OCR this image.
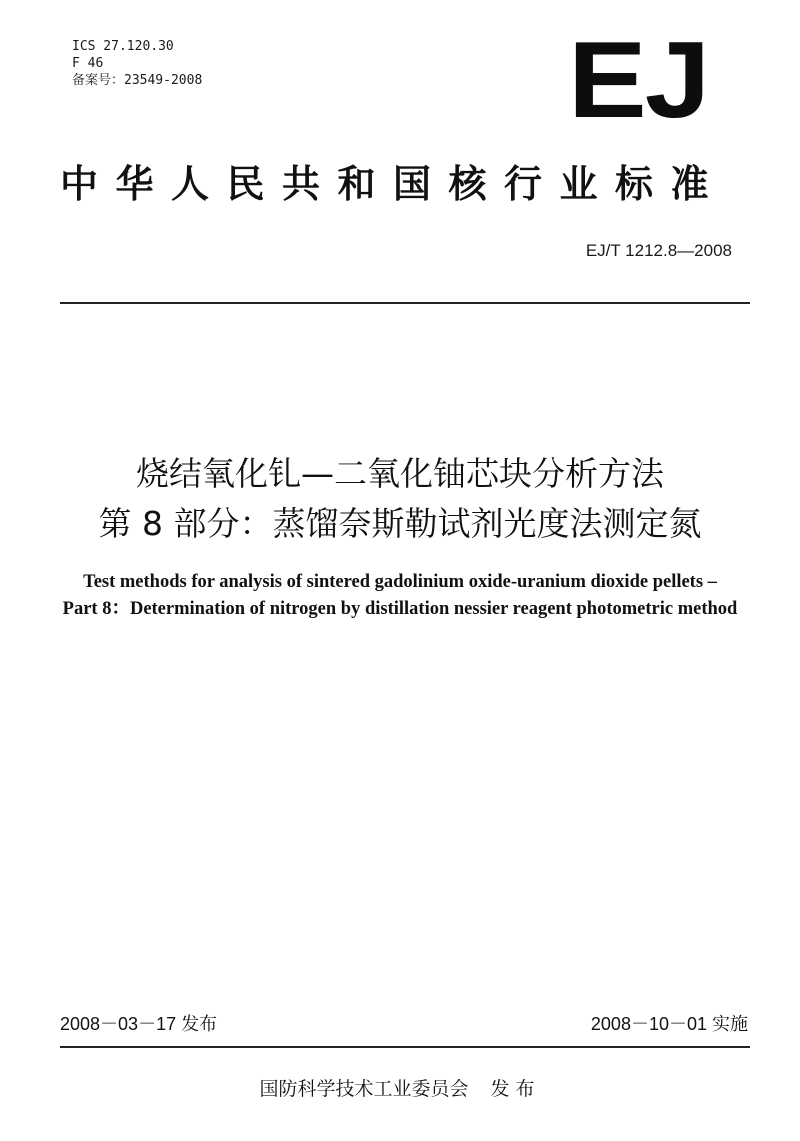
ICS 27.120.30
F 46
备案号：23549-2008	EJ
中华人民共和国核行业标准
EJ/T 1212.8—2008
烧结氧化钆—二氧化铀芯块分析方法
第 8 部分：蒸馏奈斯勒试剂光度法测定氮
Test methods for analysis of sintered gadolinium oxide-uranium dioxide pellets –
Part 8：Determination of nitrogen by distillation nessier reagent photometric method
2008－03－17 发布	2008－10－01 实施
国防科学技术工业委员会 发布
